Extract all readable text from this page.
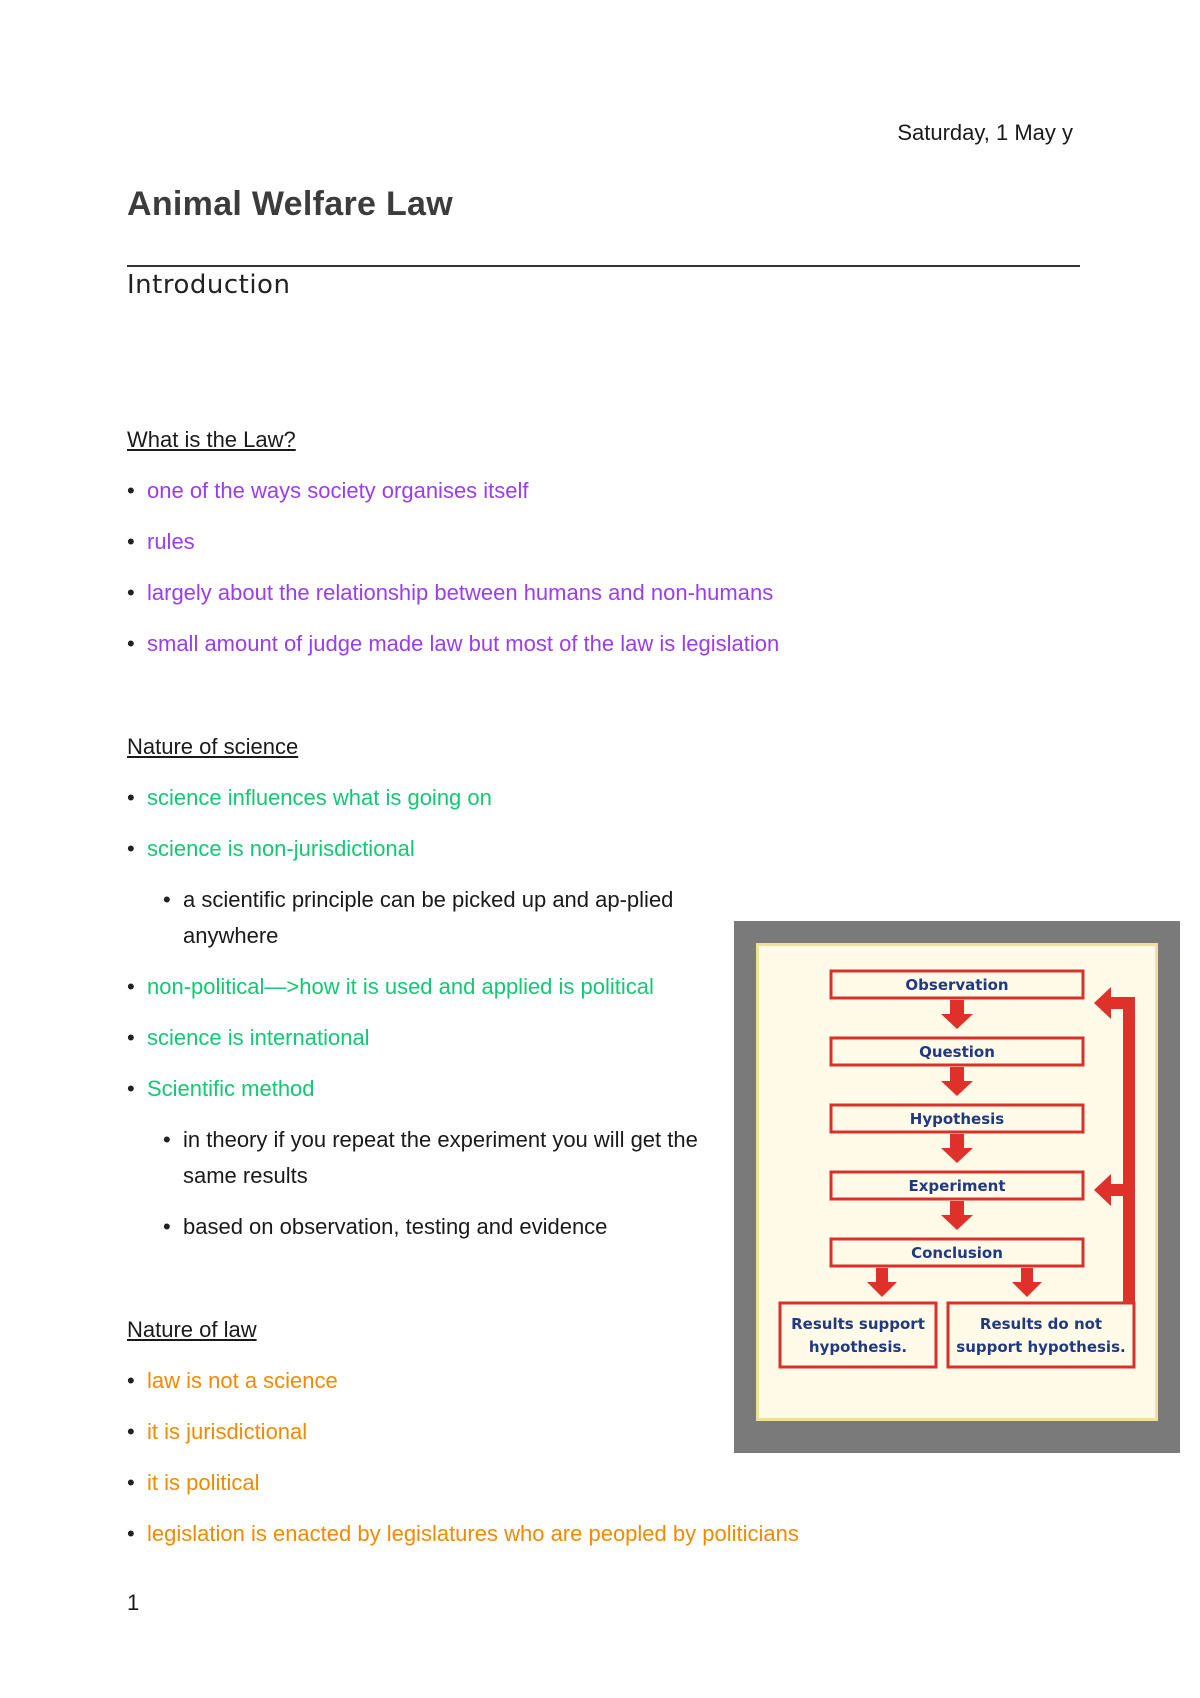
Saturday, 1 May y
Animal Welfare Law
Introduction
What is the Law?
• one of the ways society organises itself
• rules
• largely about the relationship between humans and non-humans
• small amount of judge made law but most of the law is legislation
Nature of science
• science influences what is going on
• science is non-jurisdictional
• a scientific principle can be picked up and ap-plied anywhere
• non-political—>how it is used and applied is political
• science is international
• Scientific method
• in theory if you repeat the experiment you will get the same results
• based on observation, testing and evidence
Nature of law
• law is not a science
• it is jurisdictional
• it is political
• legislation is enacted by legislatures who are peopled by politicians
Observation
Question
Hypothesis
Experiment
Conclusion
Results support
hypothesis.
Results do not
support hypothesis.
1
